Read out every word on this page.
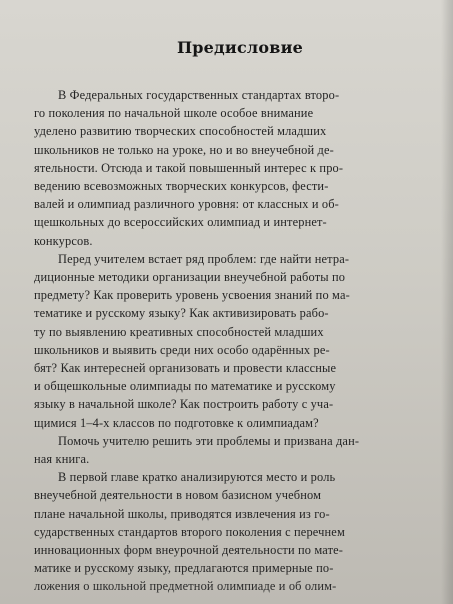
Предисловие
В Федеральных государственных стандартах второ-
го поколения по начальной школе особое внимание
уделено развитию творческих способностей младших
школьников не только на уроке, но и во внеучебной де-
ятельности. Отсюда и такой повышенный интерес к про-
ведению всевозможных творческих конкурсов, фести-
валей и олимпиад различного уровня: от классных и об-
щешкольных до всероссийских олимпиад и интернет-
конкурсов.
Перед учителем встает ряд проблем: где найти нетра-
диционные методики организации внеучебной работы по
предмету? Как проверить уровень усвоения знаний по ма-
тематике и русскому языку? Как активизировать рабо-
ту по выявлению креативных способностей младших
школьников и выявить среди них особо одарённых ре-
бят? Как интересней организовать и провести классные
и общешкольные олимпиады по математике и русскому
языку в начальной школе? Как построить работу с уча-
щимися 1–4-х классов по подготовке к олимпиадам?
Помочь учителю решить эти проблемы и призвана дан-
ная книга.
В первой главе кратко анализируются место и роль
внеучебной деятельности в новом базисном учебном
плане начальной школы, приводятся извлечения из го-
сударственных стандартов второго поколения с перечнем
инновационных форм внеурочной деятельности по мате-
матике и русскому языку, предлагаются примерные по-
ложения о школьной предметной олимпиаде и об олим-
